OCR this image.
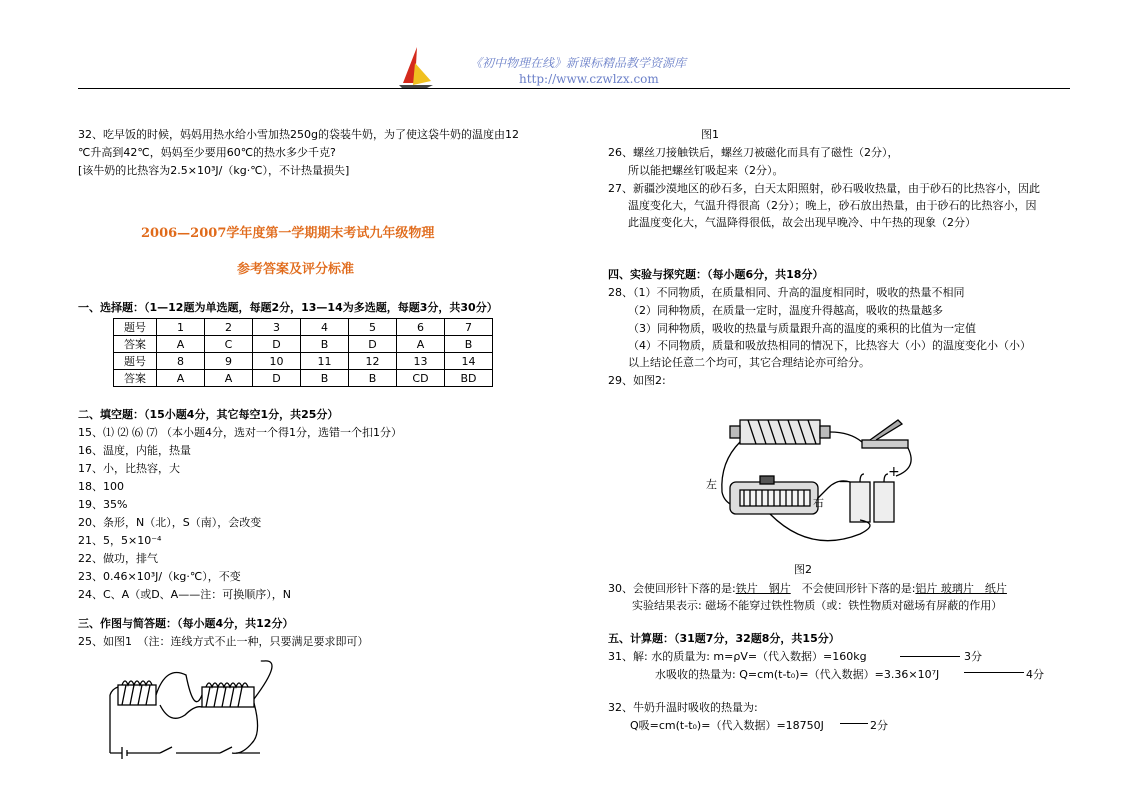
《初中物理在线》新课标精品教学资源库
http://www.czwlzx.com
32、吃早饭的时候，妈妈用热水给小雪加热250g的袋装牛奶，为了使这袋牛奶的温度由12
℃升高到42℃，妈妈至少要用60℃的热水多少千克?
[该牛奶的比热容为2.5×10³J/（kg·℃），不计热量损失]
2006—2007学年度第一学期期末考试九年级物理
参考答案及评分标准
一、选择题：（1—12题为单选题，每题2分，13—14为多选题，每题3分，共30分）
题号	1	2	3	4	5	6	7
答案	A	C	D	B	D	A	B
题号	8	9	10	11	12	13	14
答案	A	A	D	B	B	CD	BD
二、填空题：（15小题4分，其它每空1分，共25分）
15、⑴ ⑵ ⑹ ⑺ （本小题4分，选对一个得1分，选错一个扣1分）
16、温度，内能，热量
17、小，比热容，大
18、100
19、35%
20、条形，N（北），S（南），会改变
21、5，5×10⁻⁴
22、做功，排气
23、0.46×10³J/（kg·℃），不变
24、C、A（或D、A——注：可换顺序），N
三、作图与简答题：（每小题4分，共12分）
25、如图1　（注：连线方式不止一种，只要满足要求即可）
图1
26、螺丝刀接触铁后，螺丝刀被磁化而具有了磁性（2分），
所以能把螺丝钉吸起来（2分）。
27、新疆沙漠地区的砂石多，白天太阳照射，砂石吸收热量，由于砂石的比热容小，因此
温度变化大，气温升得很高（2分）；晚上，砂石放出热量，由于砂石的比热容小，因
此温度变化大，气温降得很低，故会出现早晚冷、中午热的现象（2分）
四、实验与探究题：（每小题6分，共18分）
28、（1）不同物质，在质量相同、升高的温度相同时，吸收的热量不相同
（2）同种物质，在质量一定时，温度升得越高，吸收的热量越多
（3）同种物质，吸收的热量与质量跟升高的温度的乘积的比值为一定值
（4）不同物质，质量和吸放热相同的情况下，比热容大（小）的温度变化小（小）
以上结论任意二个均可，其它合理结论亦可给分。
29、如图2:
−
+
左
右
图2
30、会使回形针下落的是:铁片　钢片　不会使回形针下落的是:铝片 玻璃片　纸片
实验结果表示: 磁场不能穿过铁性物质（或：铁性物质对磁场有屏蔽的作用）
五、计算题：（31题7分，32题8分，共15分）
31、解: 水的质量为: m=ρV=（代入数据）=160kg	3分
水吸收的热量为: Q=cm(t-t₀)=（代入数据）=3.36×10⁷J	4分
32、牛奶升温时吸收的热量为:
Q吸=cm(t-t₀)=（代入数据）=18750J	2分
